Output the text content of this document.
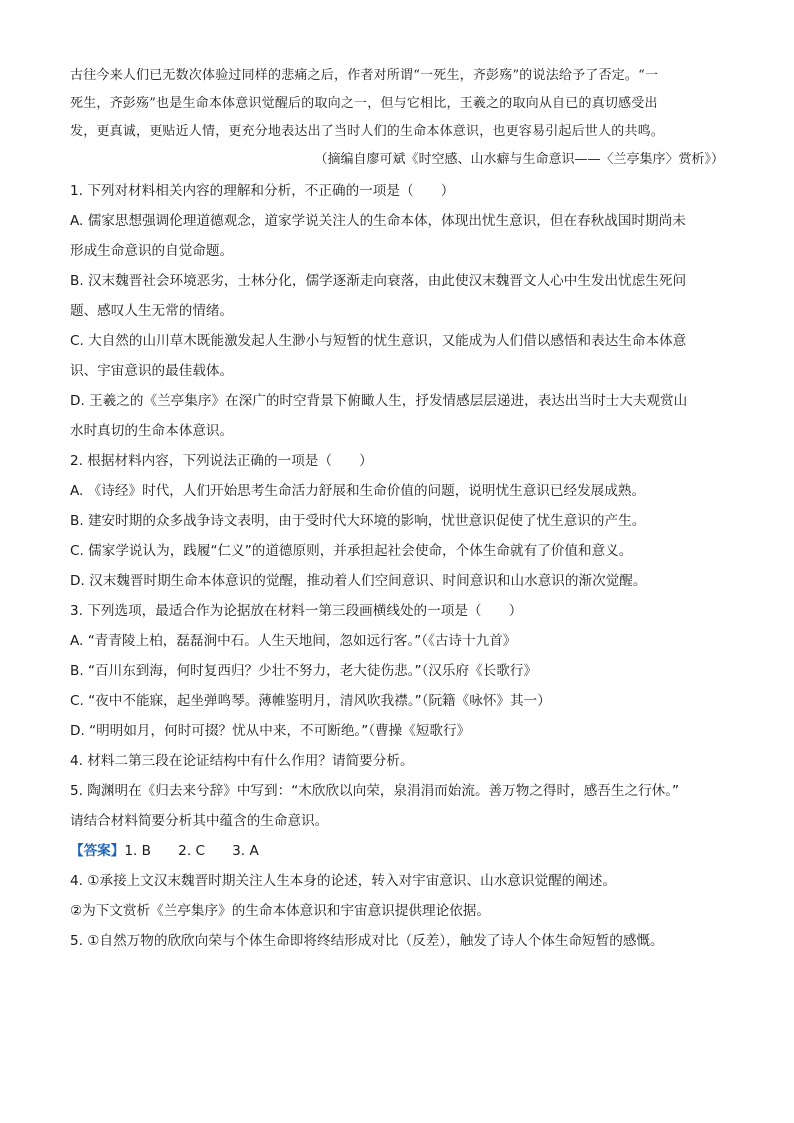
古往今来人们已无数次体验过同样的悲痛之后，作者对所谓“一死生，齐彭殇”的说法给予了否定。“一

死生，齐彭殇”也是生命本体意识觉醒后的取向之一，但与它相比，王羲之的取向从自已的真切感受出

发，更真诚，更贴近人情，更充分地表达出了当时人们的生命本体意识，也更容易引起后世人的共鸣。

（摘编自廖可斌《时空感、山水癖与生命意识——〈兰亭集序〉赏析》）

1. 下列对材料相关内容的理解和分析，不正确的一项是（　　）

A. 儒家思想强调伦理道德观念，道家学说关注人的生命本体，体现出忧生意识，但在春秋战国时期尚未

形成生命意识的自觉命题。

B. 汉末魏晋社会环境恶劣，士林分化，儒学逐渐走向衰落，由此使汉末魏晋文人心中生发出忧虑生死问

题、感叹人生无常的情绪。

C. 大自然的山川草木既能激发起人生渺小与短暂的忧生意识，又能成为人们借以感悟和表达生命本体意

识、宇宙意识的最佳载体。

D. 王羲之的《兰亭集序》在深广的时空背景下俯瞰人生，抒发情感层层递进，表达出当时士大夫观赏山

水时真切的生命本体意识。

2. 根据材料内容，下列说法正确的一项是（　　）

A. 《诗经》时代，人们开始思考生命活力舒展和生命价值的问题，说明忧生意识已经发展成熟。

B. 建安时期的众多战争诗文表明，由于受时代大环境的影响，忧世意识促使了忧生意识的产生。

C. 儒家学说认为，践履“仁义”的道德原则，并承担起社会使命，个体生命就有了价值和意义。

D. 汉末魏晋时期生命本体意识的觉醒，推动着人们空间意识、时间意识和山水意识的渐次觉醒。

3. 下列选项，最适合作为论据放在材料一第三段画横线处的一项是（　　）

A. “青青陵上柏，磊磊涧中石。人生天地间，忽如远行客。”（《古诗十九首》

B. “百川东到海，何时复西归？少壮不努力，老大徒伤悲。”（汉乐府《长歌行》

C. “夜中不能寐，起坐弹鸣琴。薄帷鉴明月，清风吹我襟。”（阮籍《咏怀》其一）

D. “明明如月，何时可掇？忧从中来，不可断绝。”（曹操《短歌行》

4. 材料二第三段在论证结构中有什么作用？请简要分析。

5. 陶渊明在《归去来兮辞》中写到：“木欣欣以向荣，泉涓涓而始流。善万物之得时，感吾生之行休。”

请结合材料简要分析其中蕴含的生命意识。

【答案】1. B　　2. C　　3. A

4. ①承接上文汉末魏晋时期关注人生本身的论述，转入对宇宙意识、山水意识觉醒的阐述。

②为下文赏析《兰亭集序》的生命本体意识和宇宙意识提供理论依据。

5. ①自然万物的欣欣向荣与个体生命即将终结形成对比（反差），触发了诗人个体生命短暂的感慨。
